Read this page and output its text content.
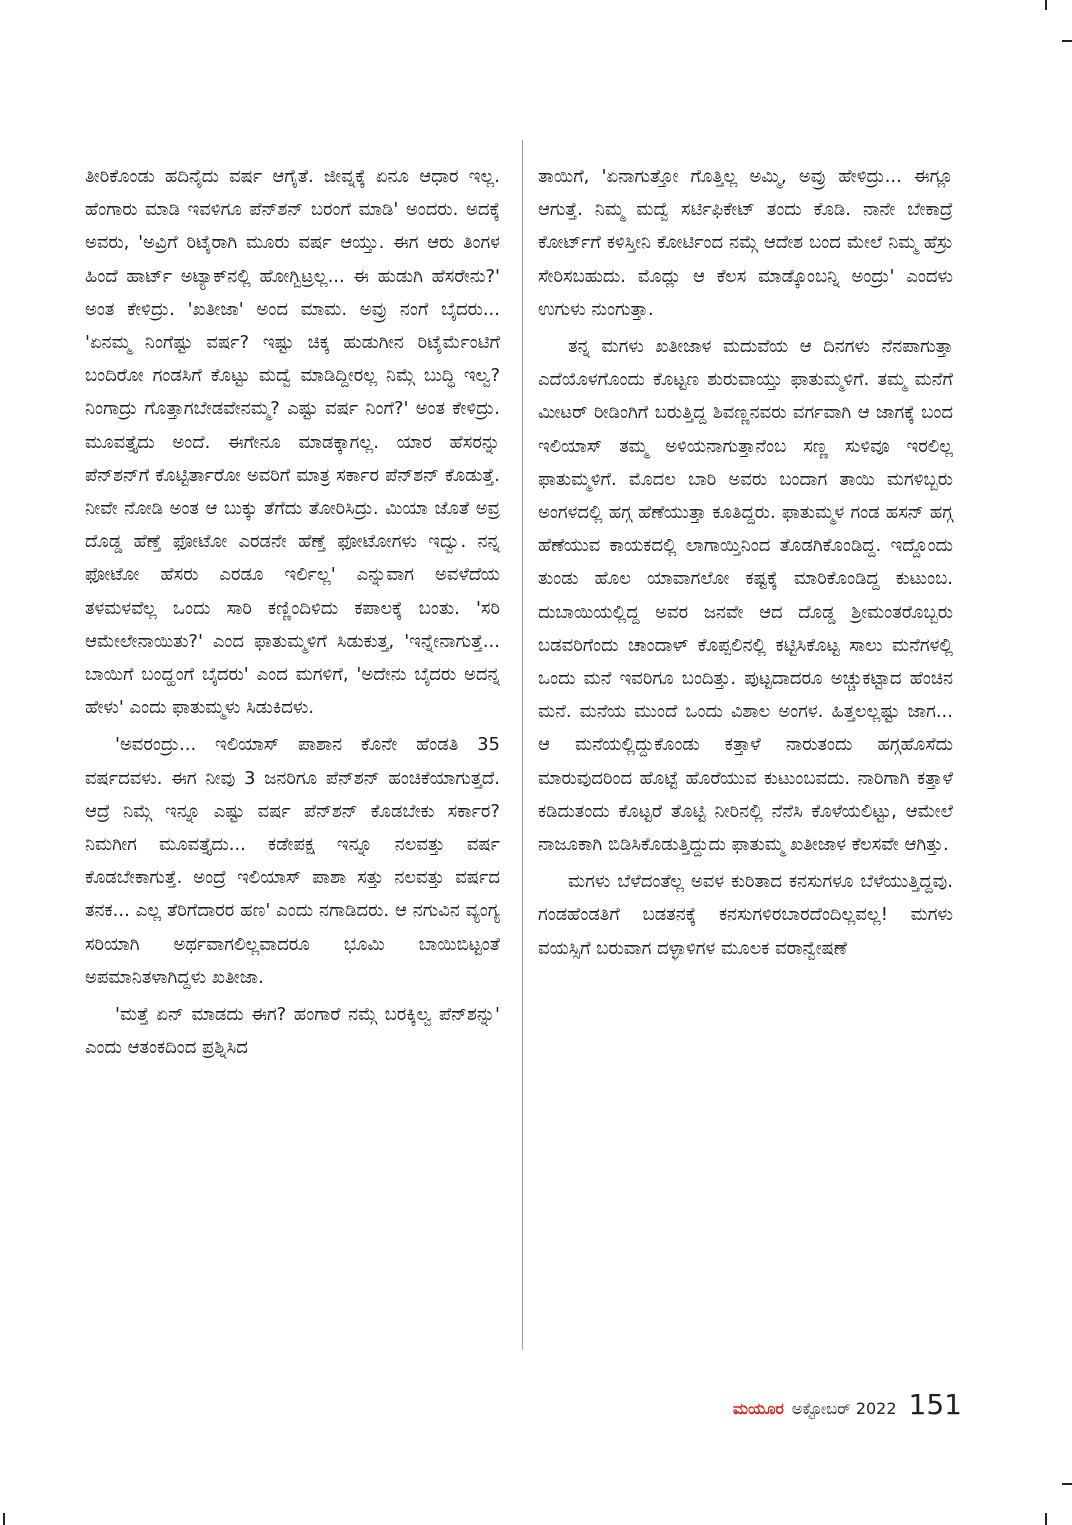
ತೀರಿಕೊಂಡು ಹದಿನೈದು ವರ್ಷ ಆಗೈತೆ. ಜೀವ್ನಕ್ಕೆ ಏನೂ ಆಧಾರ ಇಲ್ಲ. ಹೆಂಗಾರು ಮಾಡಿ ಇವಳಿಗೂ ಪೆನ್‌ಶನ್ ಬರಂಗೆ ಮಾಡಿ' ಅಂದರು. ಅದಕ್ಕೆ ಅವರು, 'ಅವ್ರಿಗೆ ರಿಟೈರಾಗಿ ಮೂರು ವರ್ಷ ಆಯ್ತು. ಈಗ ಆರು ತಿಂಗಳ ಹಿಂದೆ ಹಾರ್ಟ್ ಅಟ್ಯಾಕ್‌ನಲ್ಲಿ ಹೋಗ್ಬಿಟ್ರಲ್ಲ... ಈ ಹುಡುಗಿ ಹೆಸರೇನು?' ಅಂತ ಕೇಳಿದ್ರು. 'ಖತೀಜಾ' ಅಂದ ಮಾಮ. ಅವ್ರು ನಂಗೆ ಬೈದರು... 'ಏನಮ್ಮ ನಿಂಗೆಷ್ಟು ವರ್ಷ? ಇಷ್ಟು ಚಿಕ್ಕ ಹುಡುಗೀನ ರಿಟೈರ್ಮೆಂಟಿಗೆ ಬಂದಿರೋ ಗಂಡಸಿಗೆ ಕೊಟ್ಟು ಮದ್ವೆ ಮಾಡಿದ್ದೀರಲ್ಲ ನಿಮ್ಗೆ ಬುದ್ಧಿ ಇಲ್ವ? ನಿಂಗಾದ್ರು ಗೊತ್ತಾಗಬೇಡವೇನಮ್ಮ? ಎಷ್ಟು ವರ್ಷ ನಿಂಗೆ?' ಅಂತ ಕೇಳಿದ್ರು. ಮೂವತ್ತೈದು ಅಂದೆ. ಈಗೇನೂ ಮಾಡಕ್ಕಾಗಲ್ಲ. ಯಾರ ಹೆಸರನ್ನು ಪೆನ್‌ಶನ್‌ಗೆ ಕೊಟ್ಟಿರ್ತಾರೋ ಅವರಿಗೆ ಮಾತ್ರ ಸರ್ಕಾರ ಪೆನ್‌ಶನ್ ಕೊಡುತ್ತೆ. ನೀವೇ ನೋಡಿ ಅಂತ ಆ ಬುಕ್ಕು ತೆಗೆದು ತೋರಿಸಿದ್ರು. ಮಿಯಾ ಜೊತೆ ಅವ್ರ ದೊಡ್ಡ ಹೆಣ್ತೆ ಫೋಟೋ ಎರಡನೇ ಹೆಣ್ತೆ ಫೋಟೋಗಳು ಇದ್ವು. ನನ್ನ ಫೋಟೋ ಹೆಸರು ಎರಡೂ ಇರ್ಲಿಲ್ಲ' ಎನ್ನುವಾಗ ಅವಳೆದೆಯ ತಳಮಳವೆಲ್ಲ ಒಂದು ಸಾರಿ ಕಣ್ಣಿಂದಿಳಿದು ಕಪಾಲಕ್ಕೆ ಬಂತು. 'ಸರಿ ಆಮೇಲೇನಾಯಿತು?' ಎಂದ ಫಾತುಮ್ಮಳಿಗೆ ಸಿಡುಕುತ್ತ, 'ಇನ್ನೇನಾಗುತ್ತೆ... ಬಾಯಿಗೆ ಬಂದ್ಹಂಗೆ ಬೈದರು' ಎಂದ ಮಗಳಿಗೆ, 'ಅದೇನು ಬೈದರು ಅದನ್ನ ಹೇಳು' ಎಂದು ಫಾತುಮ್ಮಳು ಸಿಡುಕಿದಳು.

'ಅವರಂದ್ರು... ಇಲಿಯಾಸ್ ಪಾಶಾನ ಕೊನೇ ಹೆಂಡತಿ 35 ವರ್ಷದವಳು. ಈಗ ನೀವು 3 ಜನರಿಗೂ ಪೆನ್‌ಶನ್ ಹಂಚಿಕೆಯಾಗುತ್ತದೆ. ಆದ್ರೆ ನಿಮ್ಗೆ ಇನ್ನೂ ಎಷ್ಟು ವರ್ಷ ಪೆನ್‌ಶನ್ ಕೊಡಬೇಕು ಸರ್ಕಾರ? ನಿಮಗೀಗ ಮೂವತ್ತೈದು... ಕಡೇಪಕ್ಷ ಇನ್ನೂ ನಲವತ್ತು ವರ್ಷ ಕೊಡಬೇಕಾಗುತ್ತೆ. ಅಂದ್ರೆ ಇಲಿಯಾಸ್ ಪಾಶಾ ಸತ್ತು ನಲವತ್ತು ವರ್ಷದ ತನಕ... ಎಲ್ಲ ತೆರಿಗೆದಾರರ ಹಣ' ಎಂದು ನಗಾಡಿದರು. ಆ ನಗುವಿನ ವ್ಯಂಗ್ಯ ಸರಿಯಾಗಿ ಅರ್ಥವಾಗಲಿಲ್ಲವಾದರೂ ಭೂಮಿ ಬಾಯಿಬಿಟ್ಟಂತೆ ಅಪಮಾನಿತಳಾಗಿದ್ದಳು ಖತೀಜಾ.

'ಮತ್ತೆ ಏನ್ ಮಾಡದು ಈಗ? ಹಂಗಾರೆ ನಮ್ಗೆ ಬರಕ್ಕಿಲ್ವ ಪೆನ್‌ಶನ್ನು' ಎಂದು ಆತಂಕದಿಂದ ಪ್ರಶ್ನಿಸಿದ

ತಾಯಿಗೆ, 'ಏನಾಗುತ್ತೋ ಗೊತ್ತಿಲ್ಲ ಅಮ್ಮಿ, ಅವ್ರು ಹೇಳಿದ್ರು... ಈಗ್ಲೂ ಆಗುತ್ತೆ. ನಿಮ್ಮ ಮದ್ವೆ ಸರ್ಟಿಫಿಕೇಟ್ ತಂದು ಕೊಡಿ. ನಾನೇ ಬೇಕಾದ್ರೆ ಕೋರ್ಟ್‌ಗೆ ಕಳಿಸ್ತೀನಿ ಕೋರ್ಟಿಂದ ನಮ್ಗೆ ಆದೇಶ ಬಂದ ಮೇಲೆ ನಿಮ್ಮ ಹೆಸ್ರು ಸೇರಿಸಬಹುದು. ಮೊದ್ಲು ಆ ಕೆಲಸ ಮಾಡ್ಕೊಂಬನ್ನಿ ಅಂದ್ರು' ಎಂದಳು ಉಗುಳು ನುಂಗುತ್ತಾ.

ತನ್ನ ಮಗಳು ಖತೀಜಾಳ ಮದುವೆಯ ಆ ದಿನಗಳು ನೆನಪಾಗುತ್ತಾ ಎದೆಯೊಳಗೊಂದು ಕೊಟ್ಟಣ ಶುರುವಾಯ್ತು ಫಾತುಮ್ಮಳಿಗೆ. ತಮ್ಮ ಮನೆಗೆ ಮೀಟರ್ ರೀಡಿಂಗಿಗೆ ಬರುತ್ತಿದ್ದ ಶಿವಣ್ಣನವರು ವರ್ಗವಾಗಿ ಆ ಜಾಗಕ್ಕೆ ಬಂದ ಇಲಿಯಾಸ್ ತಮ್ಮ ಅಳಿಯನಾಗುತ್ತಾನೆಂಬ ಸಣ್ಣ ಸುಳಿವೂ ಇರಲಿಲ್ಲ ಫಾತುಮ್ಮಳಿಗೆ. ಮೊದಲ ಬಾರಿ ಅವರು ಬಂದಾಗ ತಾಯಿ ಮಗಳಿಬ್ಬರು ಅಂಗಳದಲ್ಲಿ ಹಗ್ಗ ಹೆಣೆಯುತ್ತಾ ಕೂತಿದ್ದರು. ಫಾತುಮ್ಮಳ ಗಂಡ ಹಸನ್ ಹಗ್ಗ ಹೆಣೆಯುವ ಕಾಯಕದಲ್ಲಿ ಲಾಗಾಯ್ತಿನಿಂದ ತೊಡಗಿಕೊಂಡಿದ್ದ. ಇದ್ದೊಂದು ತುಂಡು ಹೊಲ ಯಾವಾಗಲೋ ಕಷ್ಟಕ್ಕೆ ಮಾರಿಕೊಂಡಿದ್ದ ಕುಟುಂಬ. ದುಬಾಯಿಯಲ್ಲಿದ್ದ ಅವರ ಜನವೇ ಆದ ದೊಡ್ಡ ಶ್ರೀಮಂತರೊಬ್ಬರು ಬಡವರಿಗೆಂದು ಚಾಂದಾಳ್ ಕೊಪ್ಪಲಿನಲ್ಲಿ ಕಟ್ಟಿಸಿಕೊಟ್ಟ ಸಾಲು ಮನೆಗಳಲ್ಲಿ ಒಂದು ಮನೆ ಇವರಿಗೂ ಬಂದಿತ್ತು. ಪುಟ್ಟದಾದರೂ ಅಚ್ಚುಕಟ್ಟಾದ ಹೆಂಚಿನ ಮನೆ. ಮನೆಯ ಮುಂದೆ ಒಂದು ವಿಶಾಲ ಅಂಗಳ. ಹಿತ್ತಲಲ್ಲಷ್ಟು ಜಾಗ... ಆ ಮನೆಯಲ್ಲಿದ್ದುಕೊಂಡು ಕತ್ತಾಳೆ ನಾರುತಂದು ಹಗ್ಗಹೊಸೆದು ಮಾರುವುದರಿಂದ ಹೊಟ್ಟೆ ಹೊರೆಯುವ ಕುಟುಂಬವದು. ನಾರಿಗಾಗಿ ಕತ್ತಾಳೆ ಕಡಿದುತಂದು ಕೊಟ್ಟರೆ ತೊಟ್ಟಿ ನೀರಿನಲ್ಲಿ ನೆನೆಸಿ ಕೊಳೆಯಲಿಟ್ಟು, ಆಮೇಲೆ ನಾಜೂಕಾಗಿ ಬಿಡಿಸಿಕೊಡುತ್ತಿದ್ದುದು ಫಾತುಮ್ಮ ಖತೀಜಾಳ ಕೆಲಸವೇ ಆಗಿತ್ತು.

ಮಗಳು ಬೆಳೆದಂತೆಲ್ಲ ಅವಳ ಕುರಿತಾದ ಕನಸುಗಳೂ ಬೆಳೆಯುತ್ತಿದ್ದವು. ಗಂಡಹೆಂಡತಿಗೆ ಬಡತನಕ್ಕೆ ಕನಸುಗಳಿರಬಾರದೆಂದಿಲ್ಲವಲ್ಲ! ಮಗಳು ವಯಸ್ಸಿಗೆ ಬರುವಾಗ ದಳ್ಳಾಳಿಗಳ ಮೂಲಕ ವರಾನ್ವೇಷಣೆ

ಮಯೂರ ಅಕ್ಟೋಬರ್ 2022 151
